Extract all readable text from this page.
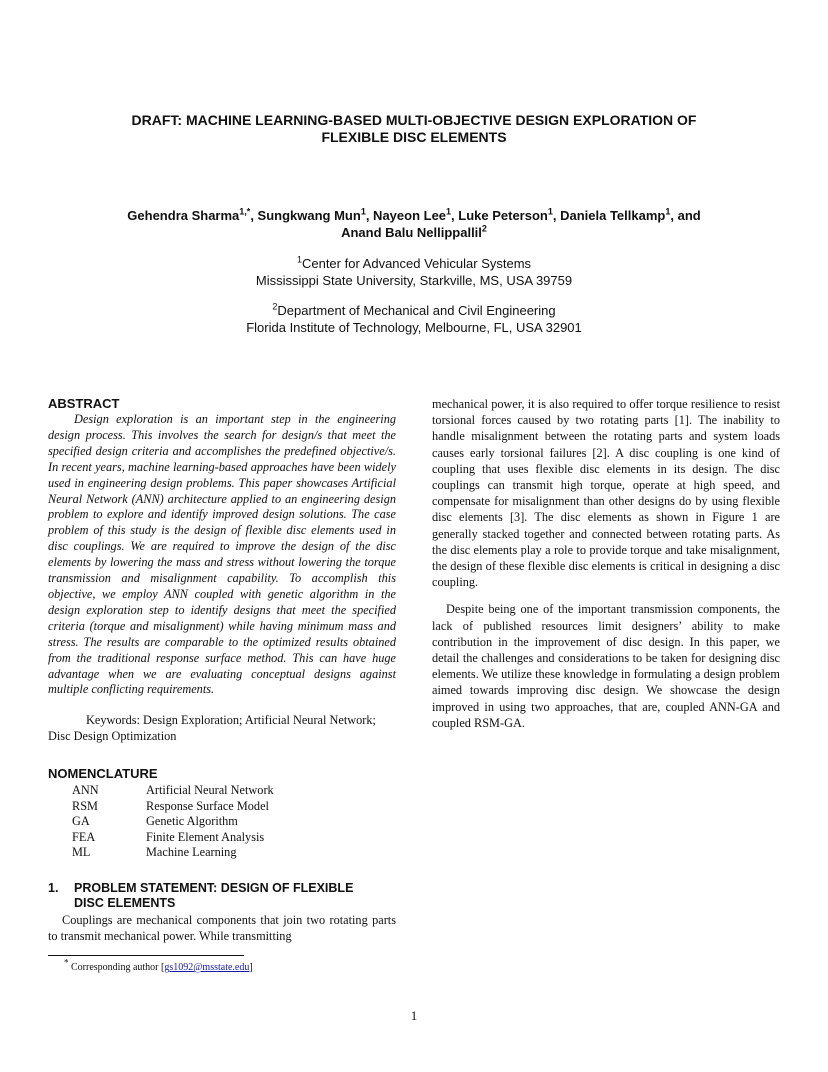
DRAFT: MACHINE LEARNING-BASED MULTI-OBJECTIVE DESIGN EXPLORATION OF
FLEXIBLE DISC ELEMENTS
Gehendra Sharma$^{1,*}$, Sungkwang Mun$^1$, Nayeon Lee$^1$, Luke Peterson$^1$, Daniela Tellkamp$^1$, and
Anand Balu Nellippallil$^2$
$^1$Center for Advanced Vehicular Systems
Mississippi State University, Starkville, MS, USA 39759
$^2$Department of Mechanical and Civil Engineering
Florida Institute of Technology, Melbourne, FL, USA 32901
ABSTRACT

Design exploration is an important step in the engineering design process. This involves the search for design/s that meet the specified design criteria and accomplishes the predefined objective/s. In recent years, machine learning-based approaches have been widely used in engineering design problems. This paper showcases Artificial Neural Network (ANN) architecture applied to an engineering design problem to explore and identify improved design solutions. The case problem of this study is the design of flexible disc elements used in disc couplings. We are required to improve the design of the disc elements by lowering the mass and stress without lowering the torque transmission and misalignment capability. To accomplish this objective, we employ ANN coupled with genetic algorithm in the design exploration step to identify designs that meet the specified criteria (torque and misalignment) while having minimum mass and stress. The results are comparable to the optimized results obtained from the traditional response surface method. This can have huge advantage when we are evaluating conceptual designs against multiple conflicting requirements.

Keywords: Design Exploration; Artificial Neural Network; Disc Design Optimization

NOMENCLATURE
ANN	Artificial Neural Network
RSM	Response Surface Model
GA	Genetic Algorithm
FEA	Finite Element Analysis
ML	Machine Learning
1.	PROBLEM STATEMENT: DESIGN OF FLEXIBLE
DISC ELEMENTS

Couplings are mechanical components that join two rotating parts to transmit mechanical power. While transmitting

mechanical power, it is also required to offer torque resilience to resist torsional forces caused by two rotating parts [1]. The inability to handle misalignment between the rotating parts and system loads causes early torsional failures [2]. A disc coupling is one kind of coupling that uses flexible disc elements in its design. The disc couplings can transmit high torque, operate at high speed, and compensate for misalignment than other designs do by using flexible disc elements [3]. The disc elements as shown in Figure 1 are generally stacked together and connected between rotating parts. As the disc elements play a role to provide torque and take misalignment, the design of these flexible disc elements is critical in designing a disc coupling.

Despite being one of the important transmission components, the lack of published resources limit designers’ ability to make contribution in the improvement of disc design. In this paper, we detail the challenges and considerations to be taken for designing disc elements. We utilize these knowledge in formulating a design problem aimed towards improving disc design. We showcase the design improved in using two approaches, that are, coupled ANN-GA and coupled RSM-GA.

* Corresponding author [gs1092@msstate.edu]
1
